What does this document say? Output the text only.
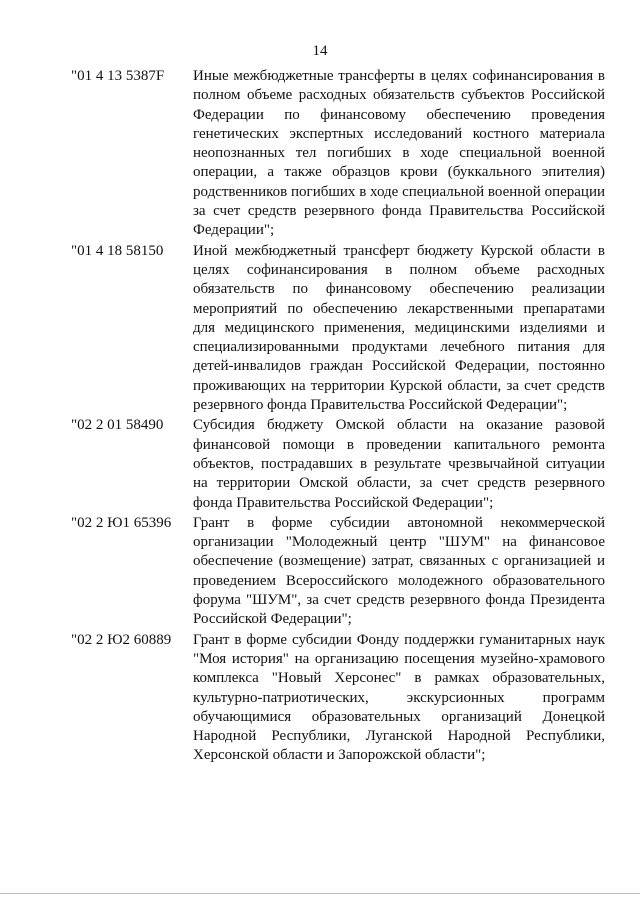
14
"01 4 13 5387F	Иные межбюджетные трансферты в целях софинансирования в полном объеме расходных обязательств субъектов Российской Федерации по финансовому обеспечению проведения генетических экспертных исследований костного материала неопознанных тел погибших в ходе специальной военной операции, а также образцов крови (буккального эпителия) родственников погибших в ходе специальной военной операции за счет средств резервного фонда Правительства Российской Федерации";
"01 4 18 58150	Иной межбюджетный трансферт бюджету Курской области в целях софинансирования в полном объеме расходных обязательств по финансовому обеспечению реализации мероприятий по обеспечению лекарственными препаратами для медицинского применения, медицинскими изделиями и специализированными продуктами лечебного питания для детей-инвалидов граждан Российской Федерации, постоянно проживающих на территории Курской области, за счет средств резервного фонда Правительства Российской Федерации";
"02 2 01 58490	Субсидия бюджету Омской области на оказание разовой финансовой помощи в проведении капитального ремонта объектов, пострадавших в результате чрезвычайной ситуации на территории Омской области, за счет средств резервного фонда Правительства Российской Федерации";
"02 2 Ю1 65396	Грант в форме субсидии автономной некоммерческой организации "Молодежный центр "ШУМ" на финансовое обеспечение (возмещение) затрат, связанных с организацией и проведением Всероссийского молодежного образовательного форума "ШУМ", за счет средств резервного фонда Президента Российской Федерации";
"02 2 Ю2 60889	Грант в форме субсидии Фонду поддержки гуманитарных наук "Моя история" на организацию посещения музейно-храмового комплекса "Новый Херсонес" в рамках образовательных, культурно-патриотических, экскурсионных программ обучающимися образовательных организаций Донецкой Народной Республики, Луганской Народной Республики, Херсонской области и Запорожской области";
